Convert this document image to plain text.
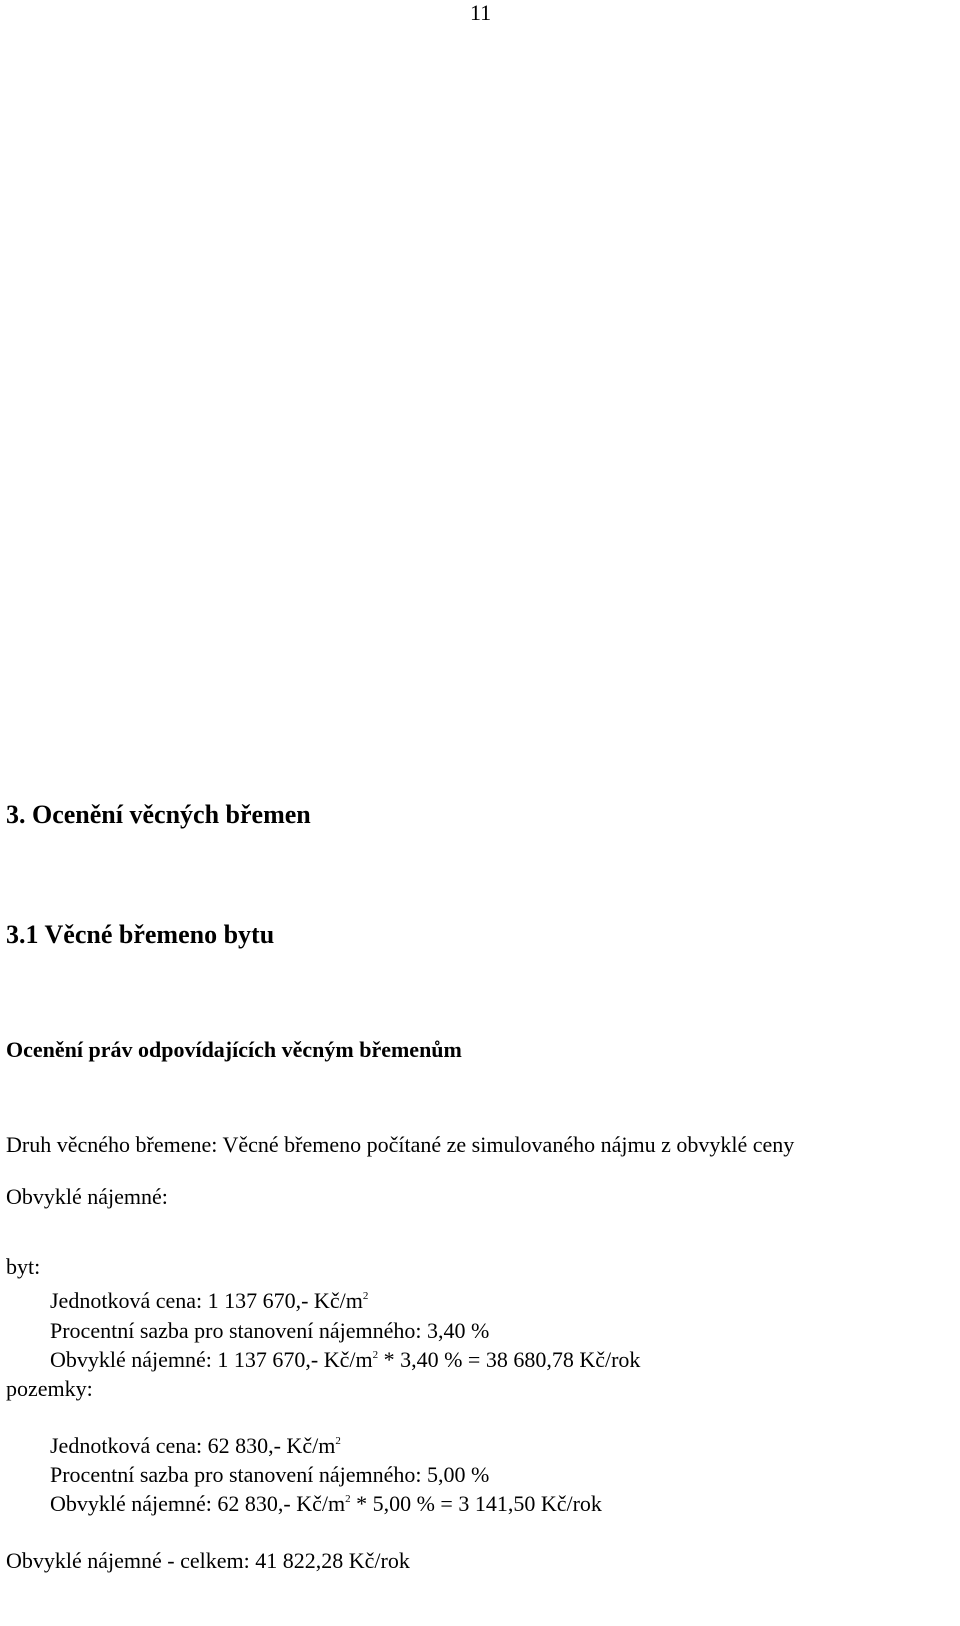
11
3. Ocenění věcných břemen
3.1 Věcné břemeno bytu
Ocenění práv odpovídajících věcným břemenům
Druh věcného břemene: Věcné břemeno počítané ze simulovaného nájmu z obvyklé ceny
Obvyklé nájemné:
byt:
Jednotková cena: 1 137 670,- $Kč/m^2$
Procentní sazba pro stanovení nájemného: 3,40 %
Obvyklé nájemné: 1 137 670,- $Kč/m^2 * 3,40$ % = 38 680,78 Kč/rok
pozemky:
Jednotková cena: 62 830,- $Kč/m^2$
Procentní sazba pro stanovení nájemného: 5,00 %
Obvyklé nájemné: 62 830,- $Kč/m^2 * 5,00$ % = 3 141,50 Kč/rok
Obvyklé nájemné - celkem: 41 822,28 Kč/rok
